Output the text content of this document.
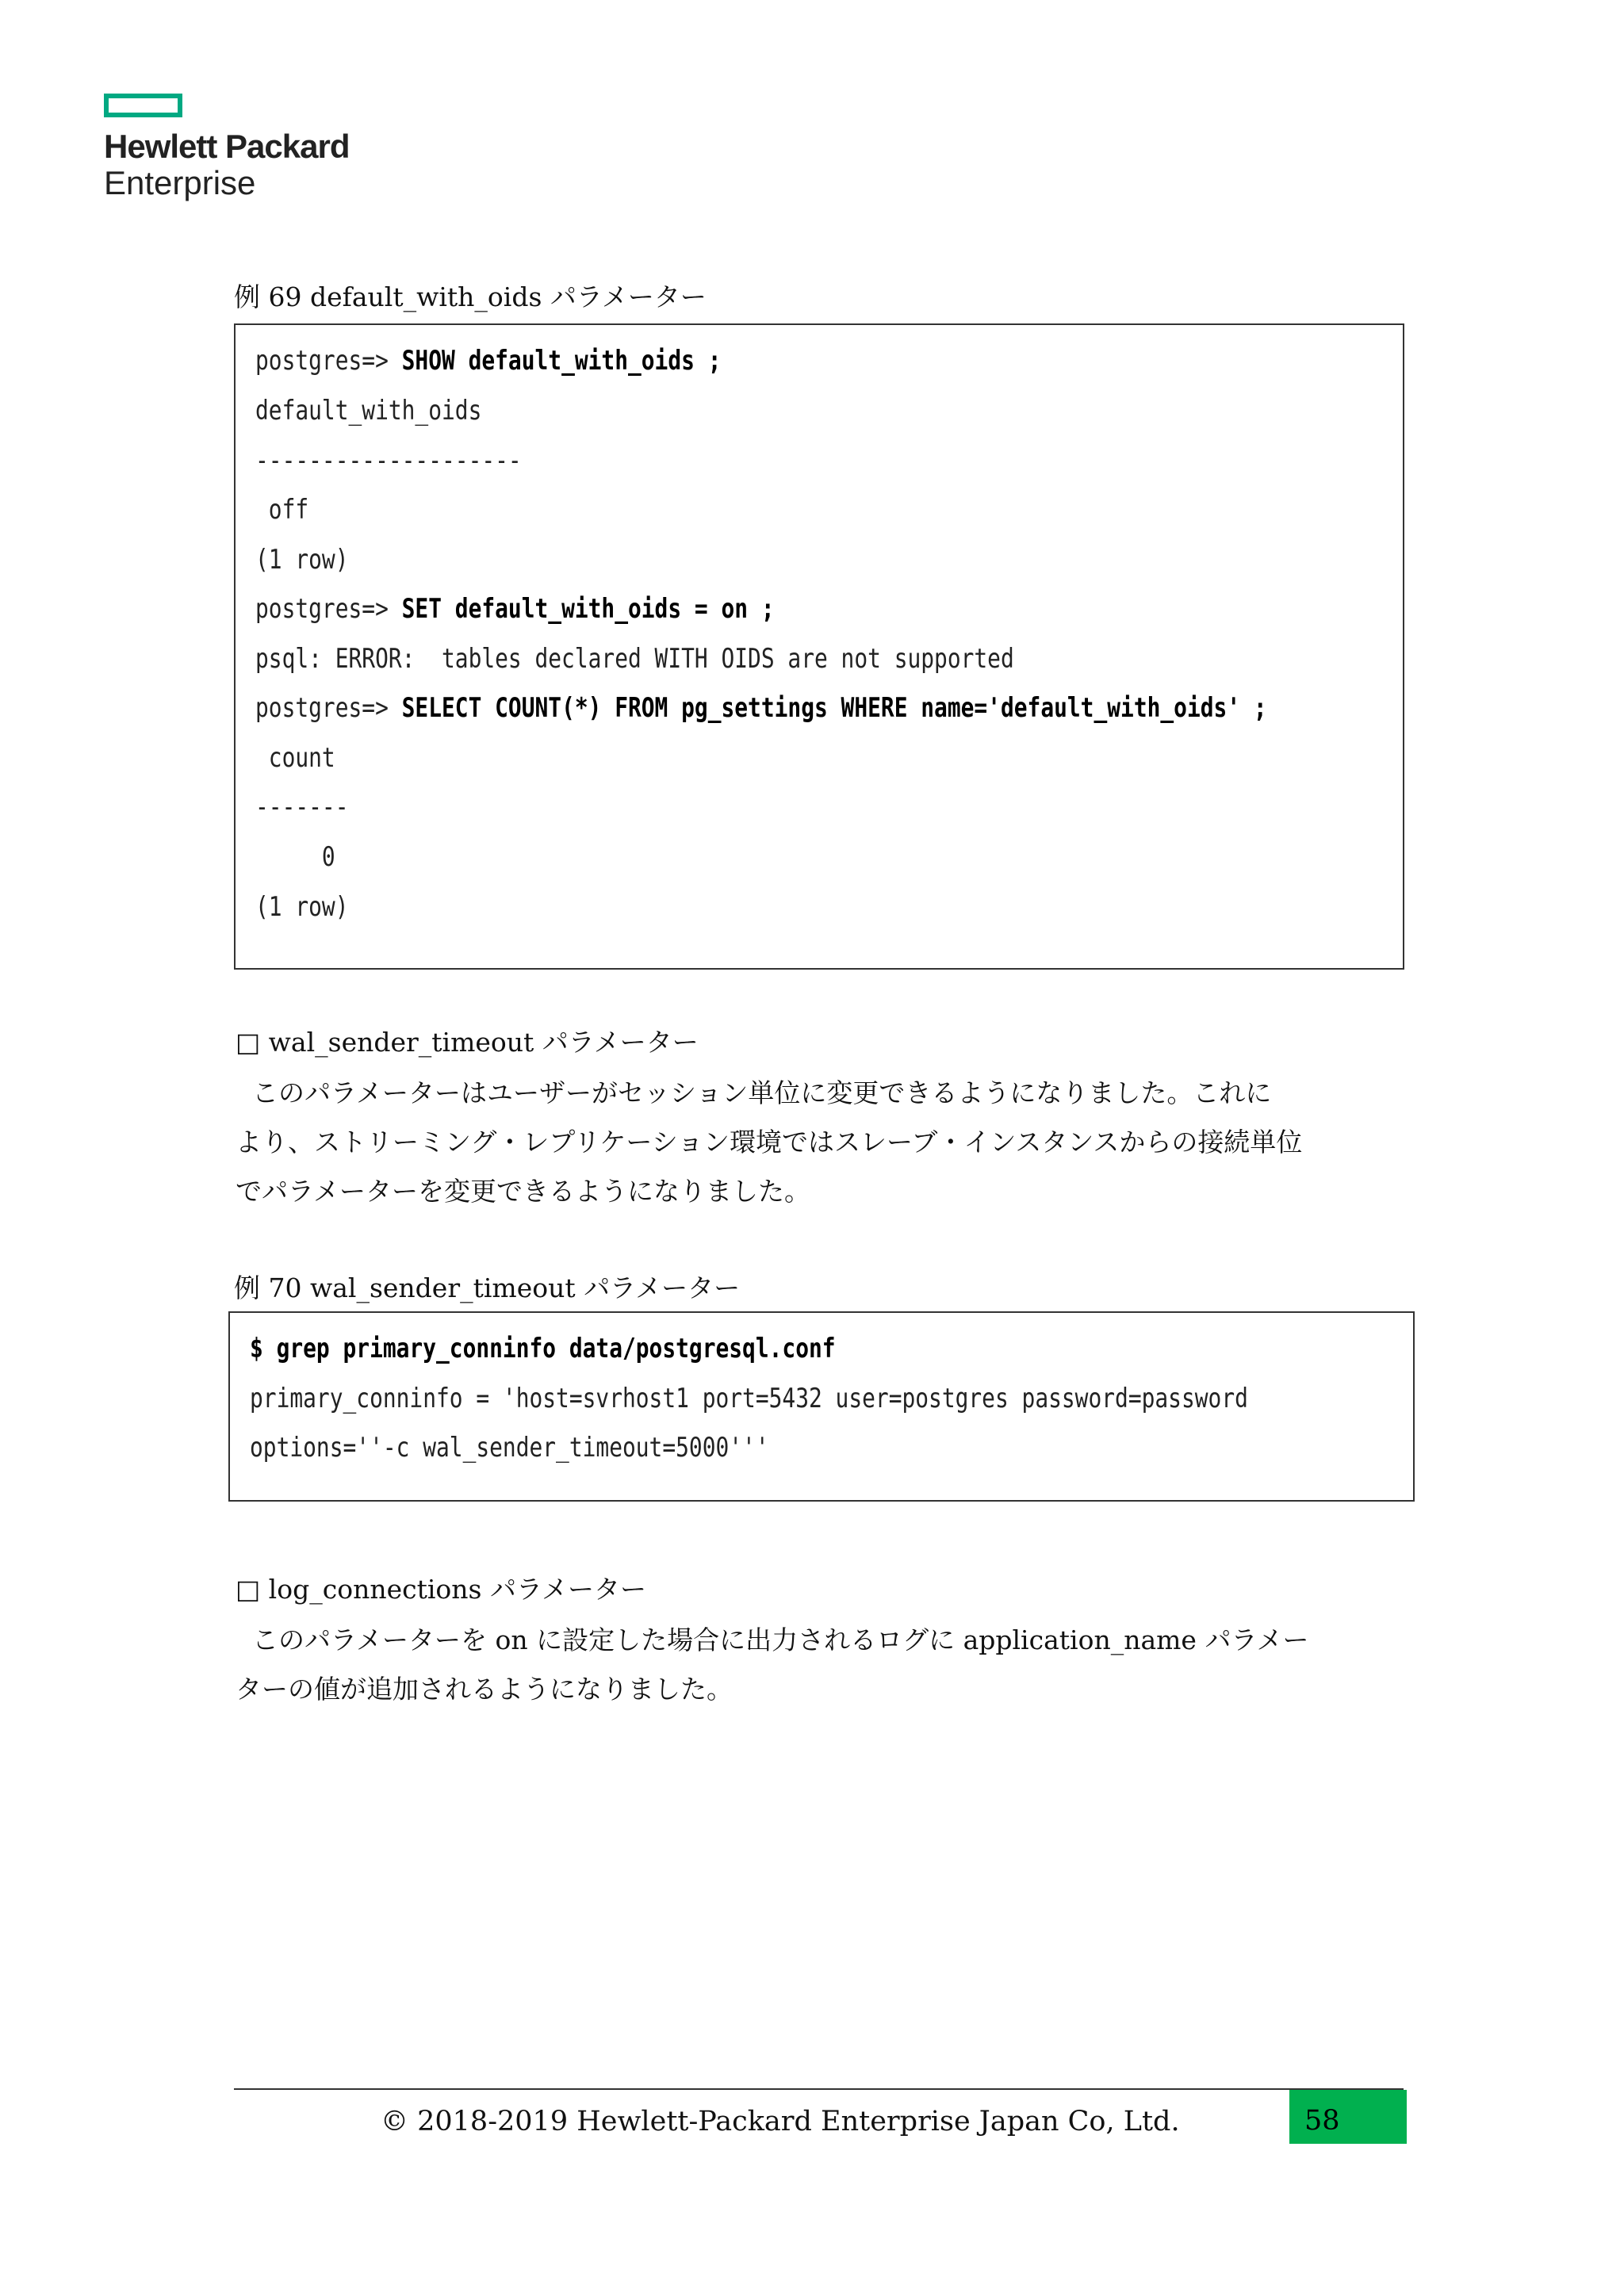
Hewlett Packard
Enterprise
例 69 default_with_oids パラメーター
postgres=> SHOW default_with_oids ;
default_with_oids
--------------------
off
(1 row)
postgres=> SET default_with_oids = on ;
psql: ERROR:  tables declared WITH OIDS are not supported
postgres=> SELECT COUNT(*) FROM pg_settings WHERE name='default_with_oids' ;
count
-------
0
(1 row)
□ wal_sender_timeout パラメーター
このパラメーターはユーザーがセッション単位に変更できるようになりました。これに
より、ストリーミング・レプリケーション環境ではスレーブ・インスタンスからの接続単位
でパラメーターを変更できるようになりました。
例 70 wal_sender_timeout パラメーター
$ grep primary_conninfo data/postgresql.conf
primary_conninfo = 'host=svrhost1 port=5432 user=postgres password=password
options=''-c wal_sender_timeout=5000'''
□ log_connections パラメーター
このパラメーターを on に設定した場合に出力されるログに application_name パラメー
ターの値が追加されるようになりました。
© 2018-2019 Hewlett-Packard Enterprise Japan Co, Ltd.	58
